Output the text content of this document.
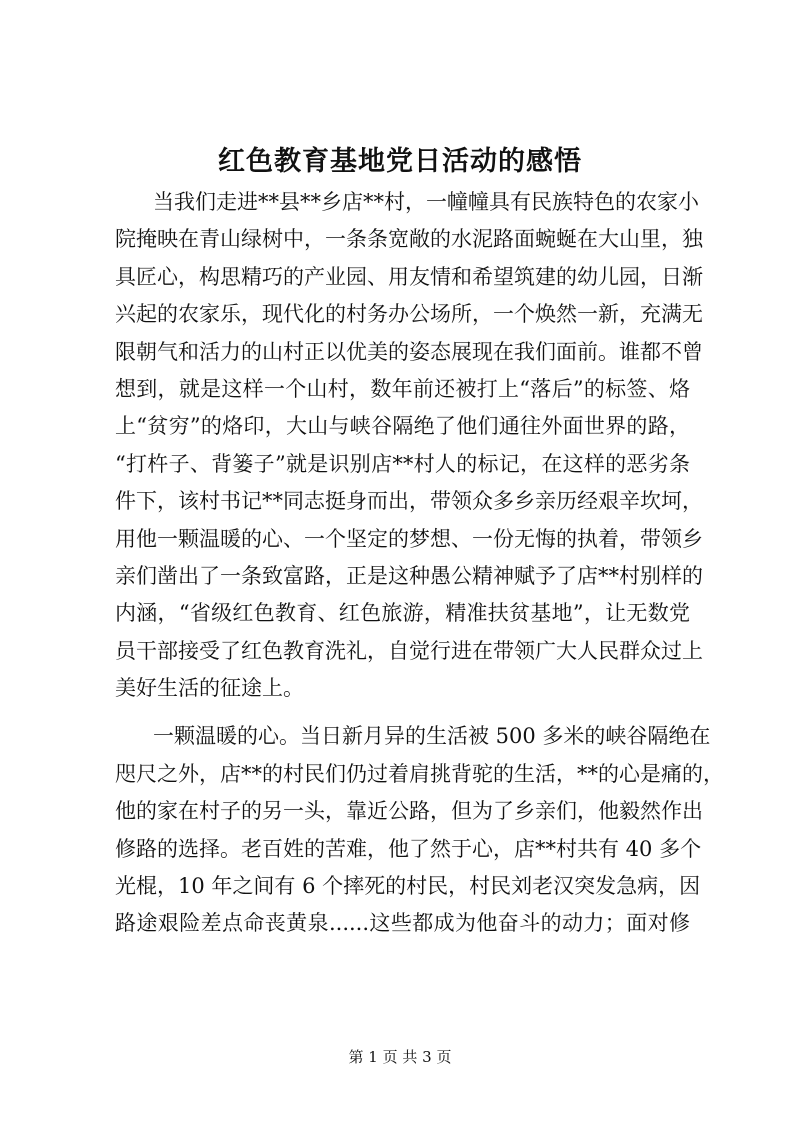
红色教育基地党日活动的感悟
当我们走进**县**乡店**村，一幢幢具有民族特色的农家小
院掩映在青山绿树中，一条条宽敞的水泥路面蜿蜒在大山里，独
具匠心，构思精巧的产业园、用友情和希望筑建的幼儿园，日渐
兴起的农家乐，现代化的村务办公场所，一个焕然一新，充满无
限朝气和活力的山村正以优美的姿态展现在我们面前。谁都不曾
想到，就是这样一个山村，数年前还被打上“落后”的标签、烙
上“贫穷”的烙印，大山与峡谷隔绝了他们通往外面世界的路，
“打杵子、背篓子”就是识别店**村人的标记，在这样的恶劣条
件下，该村书记**同志挺身而出，带领众多乡亲历经艰辛坎坷，
用他一颗温暖的心、一个坚定的梦想、一份无悔的执着，带领乡
亲们凿出了一条致富路，正是这种愚公精神赋予了店**村别样的
内涵，“省级红色教育、红色旅游，精准扶贫基地”，让无数党
员干部接受了红色教育洗礼，自觉行进在带领广大人民群众过上
美好生活的征途上。
一颗温暖的心。当日新月异的生活被 500 多米的峡谷隔绝在
咫尺之外，店**的村民们仍过着肩挑背驼的生活，**的心是痛的，
他的家在村子的另一头，靠近公路，但为了乡亲们，他毅然作出
修路的选择。老百姓的苦难，他了然于心，店**村共有 40 多个
光棍，10 年之间有 6 个摔死的村民，村民刘老汉突发急病，因
路途艰险差点命丧黄泉......这些都成为他奋斗的动力；面对修
第 1 页 共 3 页
